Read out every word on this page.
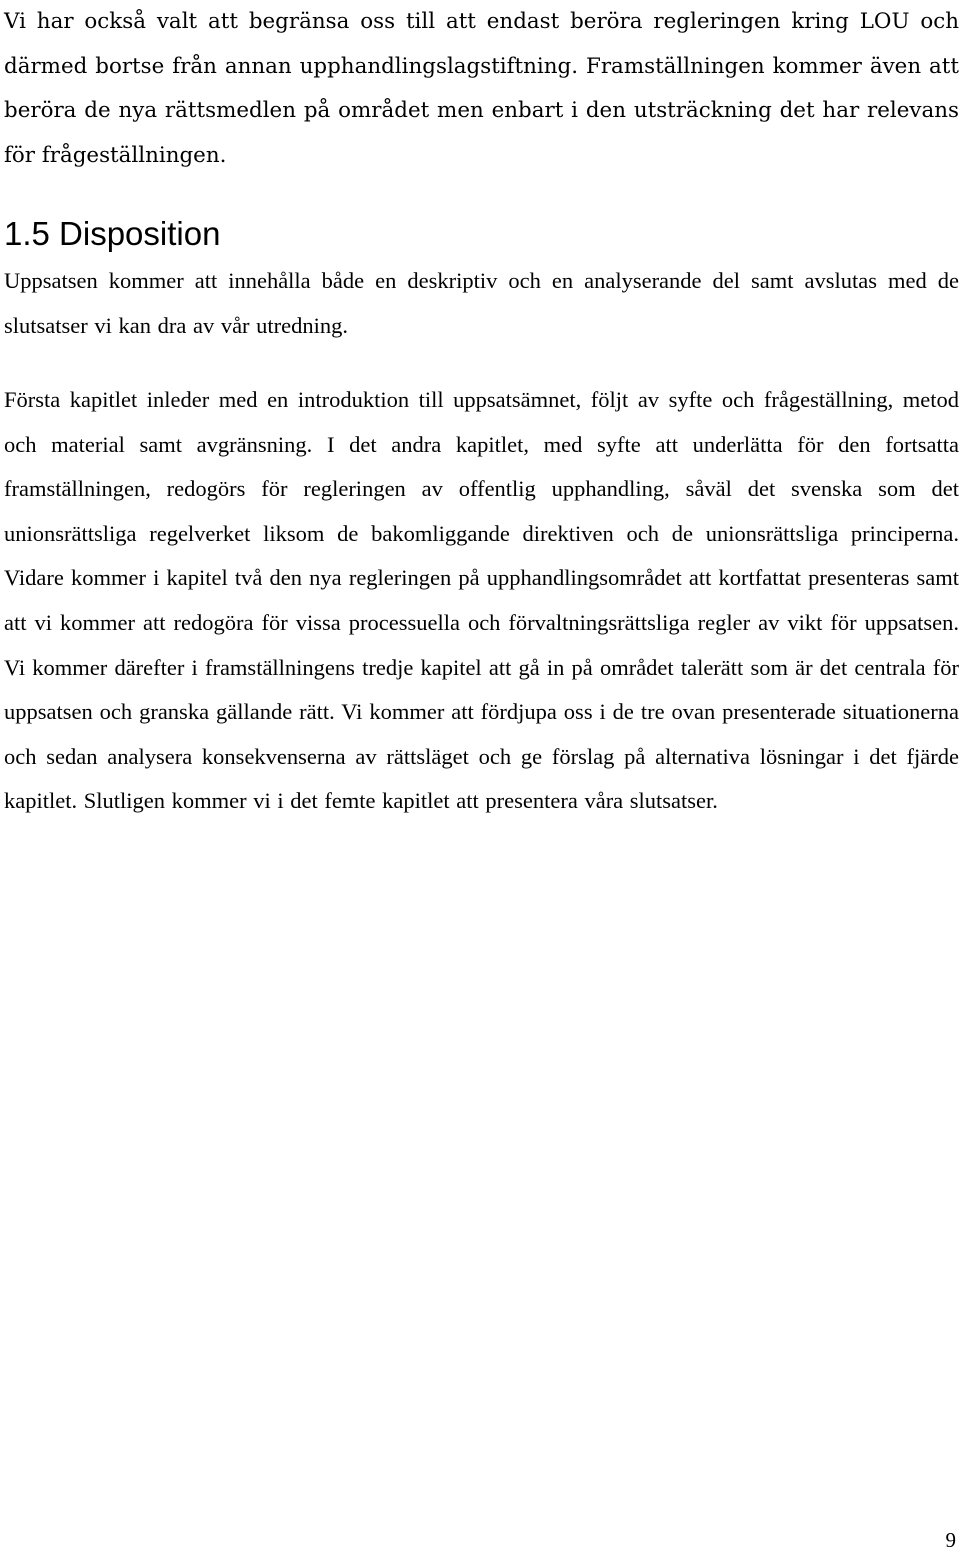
Vi har också valt att begränsa oss till att endast beröra regleringen kring LOU och därmed bortse från annan upphandlingslagstiftning. Framställningen kommer även att beröra de nya rättsmedlen på området men enbart i den utsträckning det har relevans för frågeställningen.

1.5 Disposition

Uppsatsen kommer att innehålla både en deskriptiv och en analyserande del samt avslutas med de slutsatser vi kan dra av vår utredning.

Första kapitlet inleder med en introduktion till uppsatsämnet, följt av syfte och frågeställning, metod och material samt avgränsning. I det andra kapitlet, med syfte att underlätta för den fortsatta framställningen, redogörs för regleringen av offentlig upphandling, såväl det svenska som det unionsrättsliga regelverket liksom de bakomliggande direktiven och de unionsrättsliga principerna. Vidare kommer i kapitel två den nya regleringen på upphandlingsområdet att kortfattat presenteras samt att vi kommer att redogöra för vissa processuella och förvaltningsrättsliga regler av vikt för uppsatsen. Vi kommer därefter i framställningens tredje kapitel att gå in på området talerätt som är det centrala för uppsatsen och granska gällande rätt. Vi kommer att fördjupa oss i de tre ovan presenterade situationerna och sedan analysera konsekvenserna av rättsläget och ge förslag på alternativa lösningar i det fjärde kapitlet. Slutligen kommer vi i det femte kapitlet att presentera våra slutsatser.

9
